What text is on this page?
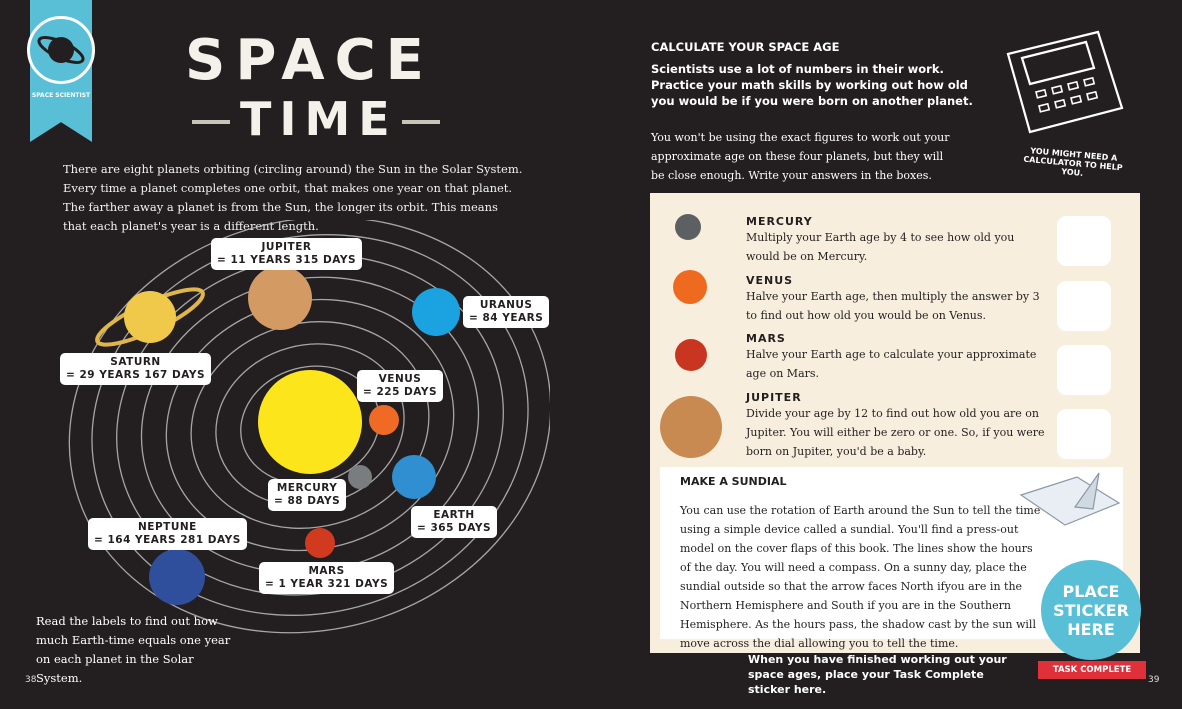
SPACE SCIENTIST
SPACE
TIME
There are eight planets orbiting (circling around) the Sun in the Solar System. Every time a planet completes one orbit, that makes one year on that planet. The farther away a planet is from the Sun, the longer its orbit. This means that each planet's year is a different length.
JUPITER
= 11 YEARS 315 DAYS
URANUS
= 84 YEARS
SATURN
= 29 YEARS 167 DAYS	VENUS
= 225 DAYS
MERCURY
= 88 DAYS
EARTH
= 365 DAYS
NEPTUNE
= 164 YEARS 281 DAYS
MARS
= 1 YEAR 321 DAYS
Read the labels to find out how much Earth-time equals one year on each planet in the Solar System.
38
CALCULATE YOUR SPACE AGE
Scientists use a lot of numbers in their work. Practice your math skills by working out how old you would be if you were born on another planet.
You won't be using the exact figures to work out your approximate age on these four planets, but they will be close enough. Write your answers in the boxes.
YOU MIGHT NEED A CALCULATOR TO HELP YOU.
MERCURY
Multiply your Earth age by 4 to see how old you would be on Mercury.
VENUS
Halve your Earth age, then multiply the answer by 3 to find out how old you would be on Venus.
MARS
Halve your Earth age to calculate your approximate age on Mars.
JUPITER
Divide your age by 12 to find out how old you are on Jupiter. You will either be zero or one. So, if you were born on Jupiter, you'd be a baby.
MAKE A SUNDIAL

You can use the rotation of Earth around the Sun to tell the time using a simple device called a sundial. You'll find a press-out model on the cover flaps of this book. The lines show the hours of the day. You will need a compass. On a sunny day, place the sundial outside so that the arrow faces North ifyou are in the Northern Hemisphere and South if you are in the Southern Hemisphere. As the hours pass, the shadow cast by the sun will move across the dial allowing you to tell the time.

PLACE STICKER HERE
When you have finished working out your space ages, place your Task Complete sticker here.
TASK COMPLETE
39
